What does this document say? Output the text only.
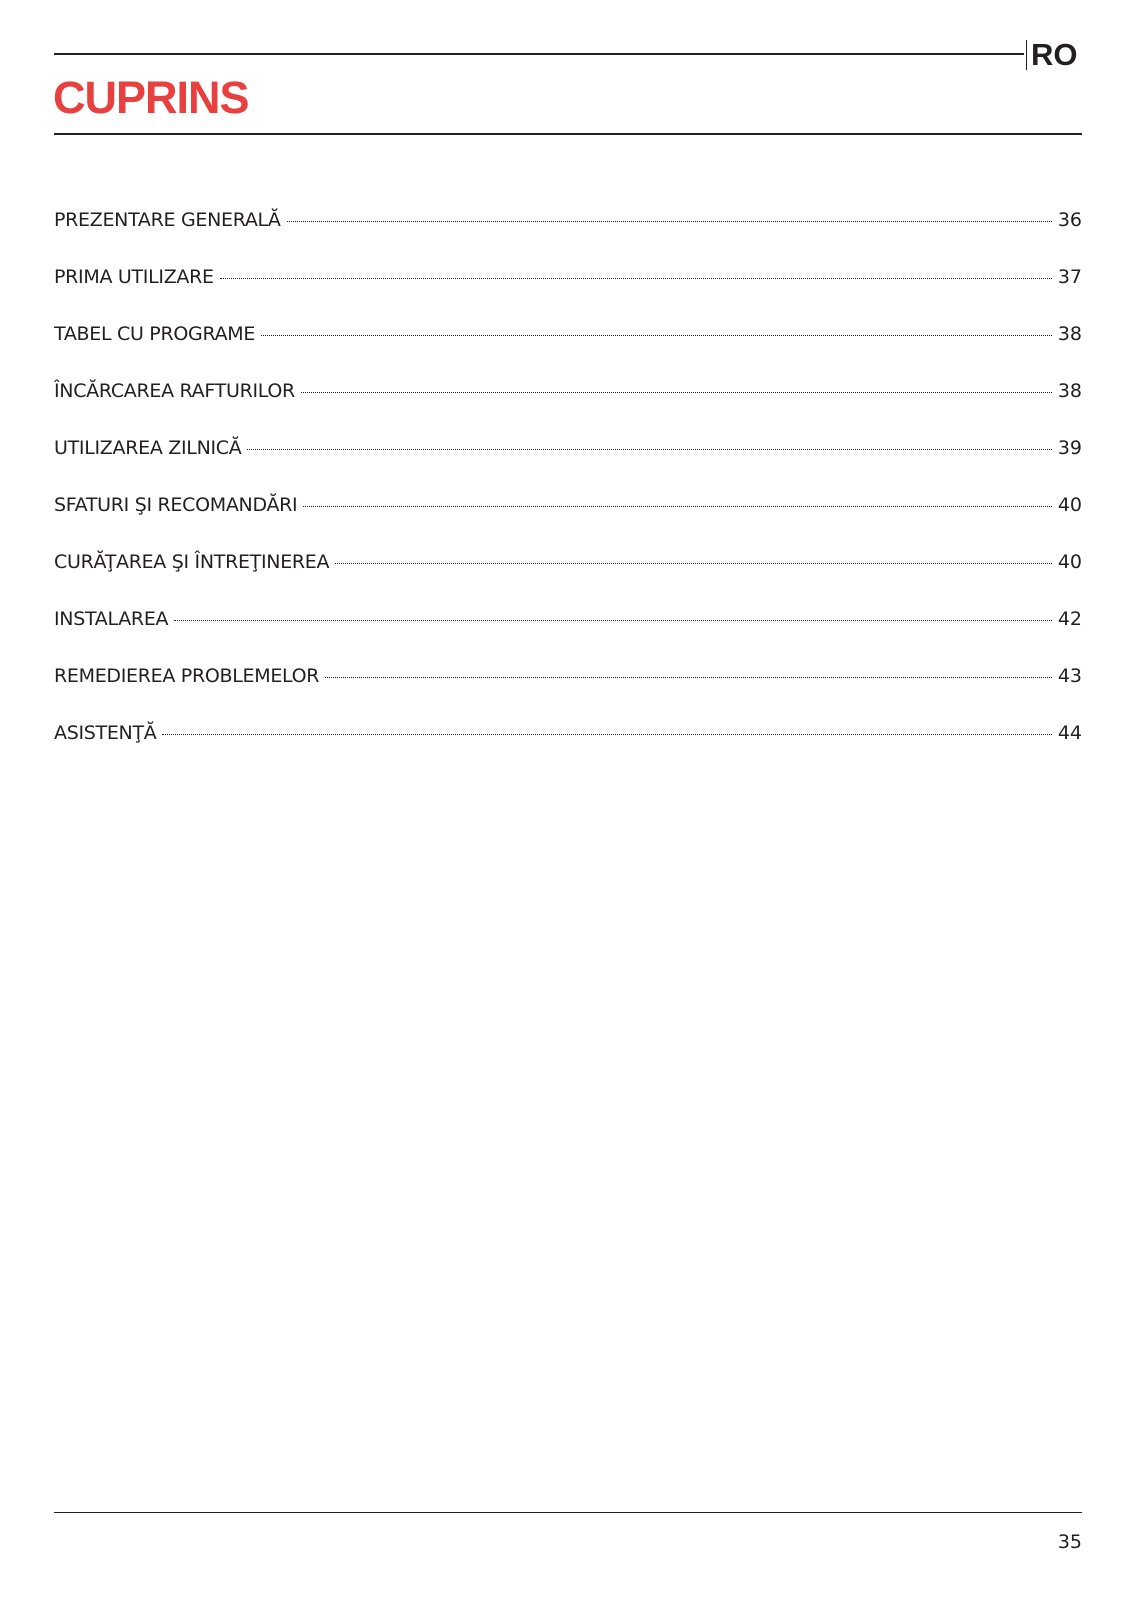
RO
CUPRINS
PREZENTARE GENERALĂ	36
PRIMA UTILIZARE	37
TABEL CU PROGRAME	38
ÎNCĂRCAREA RAFTURILOR	38
UTILIZAREA ZILNICĂ	39
SFATURI ŞI RECOMANDĂRI	40
CURĂŢAREA ŞI ÎNTREŢINEREA	40
INSTALAREA	42
REMEDIEREA PROBLEMELOR	43
ASISTENŢĂ	44
35
